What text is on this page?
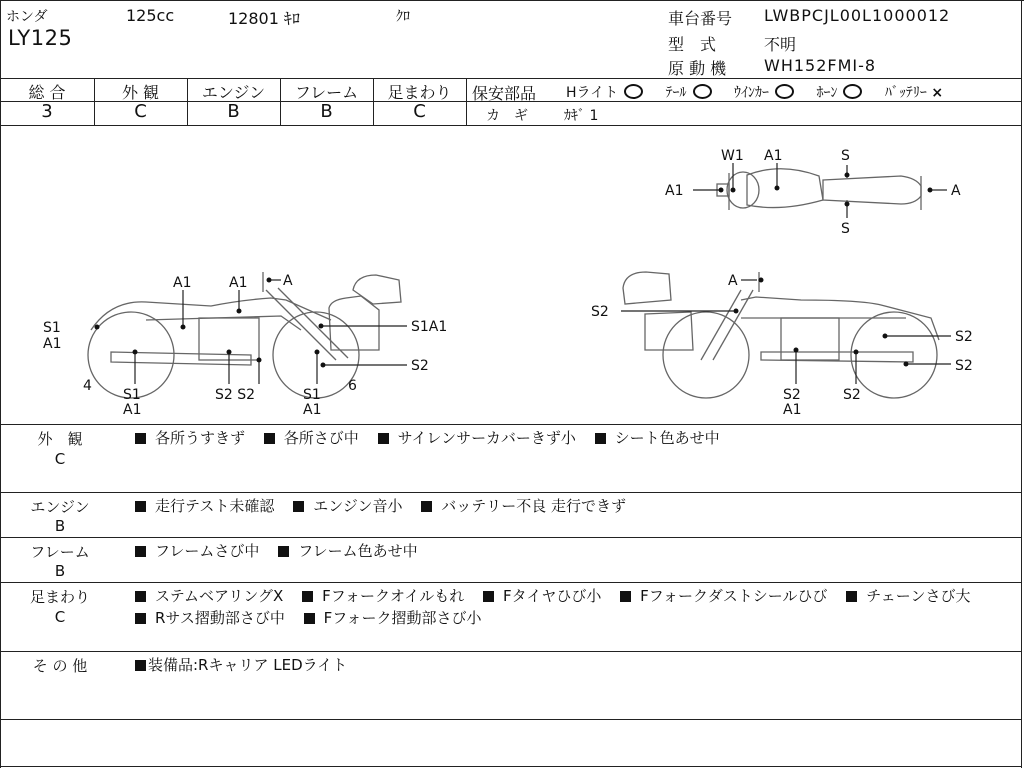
ホンダ	125cc	12801 ｷﾛ	ｸﾛ
LY125
車台番号 LWBPCJL00L1000012
型　式	不明
原 動 機 WH152FMI-8
総 合	外 観	エンジン	フレーム	足まわり
3	C	B	B	C
保安部品 Hライト	ﾃｰﾙ	ｳｲﾝｶｰ	ﾎｰﾝ	ﾊﾞｯﾃﾘｰ ×
カ　ギ	ｶｷﾞ 1
W1 A1	S
A1	A
S
A1	A1	A
S1
A1
S1A1
S2
4
S1
A1
S2 S2	S1
A1
6
A
S2
S2
S2
S2
A1
S2
外　観
C
各所うすきず	各所さび中	サイレンサーカバーきず小	シート色あせ中
エンジン
B
走行テスト未確認	エンジン音小	バッテリー不良 走行できず
フレーム
B
フレームさび中	フレーム色あせ中
足まわり
C
ステムベアリングX	Fフォークオイルもれ	Fタイヤひび小	Fフォークダストシールひび	チェーンさび大 Rサス摺動部さび中	Fフォーク摺動部さび小
そ の 他	装備品:Rキャリア LEDライト
